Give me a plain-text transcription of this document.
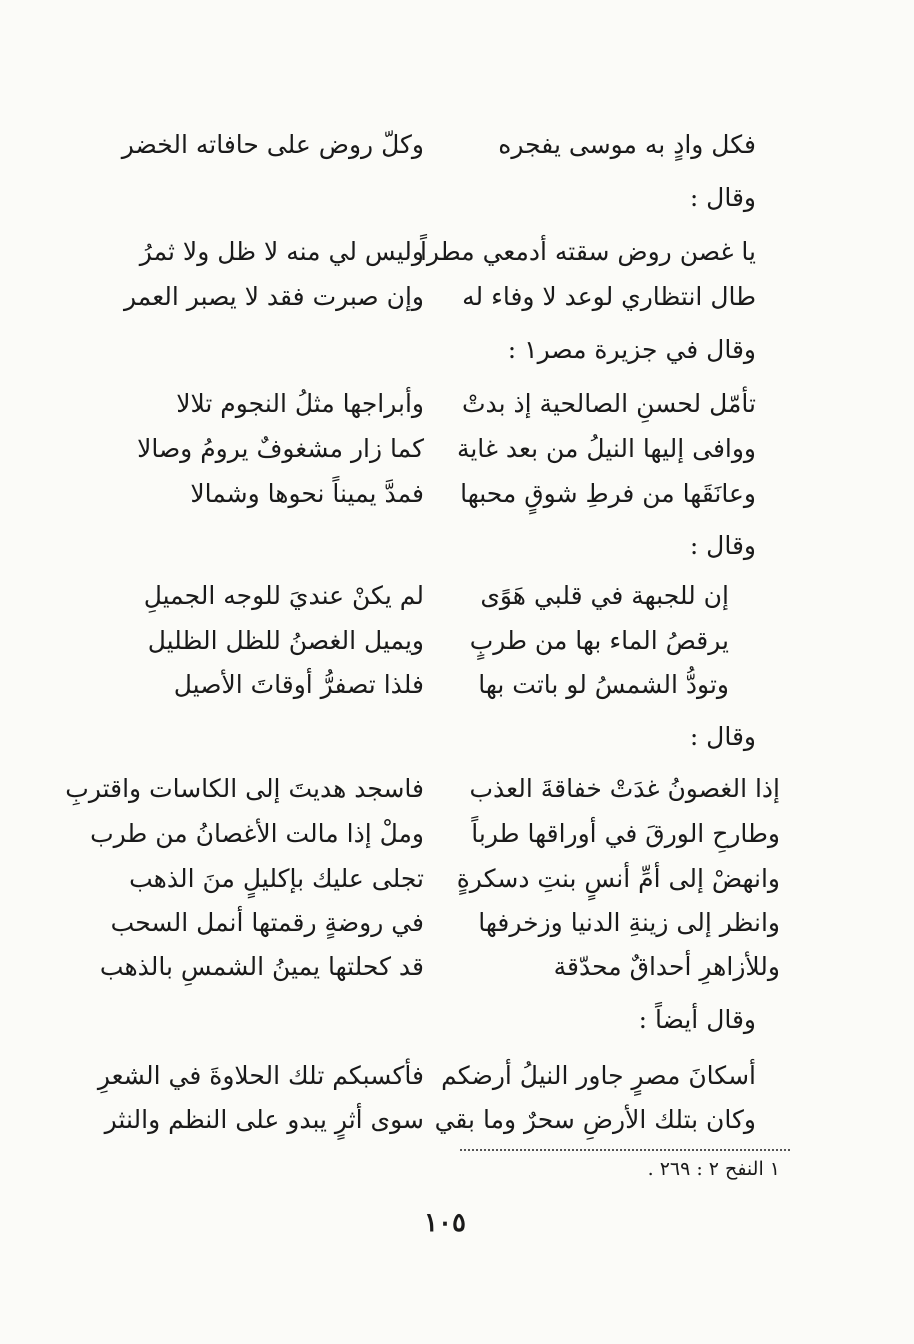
فكل وادٍ به موسى يفجره
وكلّ روض على حافاته الخضر
وقال :
يا غصن روض سقته أدمعي مطراً
وليس لي منه لا ظل ولا ثمرُ
طال انتظاري لوعد لا وفاء له
وإن صبرت فقد لا يصبر العمر
وقال في جزيرة مصر١ :
تأمّل لحسنِ الصالحية إذ بدتْ
وأبراجها مثلُ النجوم تلالا
ووافى إليها النيلُ من بعد غاية
كما زار مشغوفٌ يرومُ وصالا
وعانَقَها من فرطِ شوقٍ محبها
فمدَّ يميناً نحوها وشمالا
وقال :
إن للجبهة في قلبي هَوًى
لم يكنْ عنديَ للوجه الجميلِ
يرقصُ الماء بها من طربٍ
ويميل الغصنُ للظل الظليل
وتودُّ الشمسُ لو باتت بها
فلذا تصفرُّ أوقاتَ الأصيل
وقال :
إذا الغصونُ غدَتْ خفاقةَ العذب
فاسجد هديتَ إلى الكاسات واقتربِ
وطارحِ الورقَ في أوراقها طرباً
وملْ إذا مالت الأغصانُ من طرب
وانهضْ إلى أمِّ أنسٍ بنتِ دسكرةٍ
تجلى عليك بإكليلٍ منَ الذهب
وانظر إلى زينةِ الدنيا وزخرفها
في روضةٍ رقمتها أنمل السحب
وللأزاهرِ أحداقٌ محدّقة
قد كحلتها يمينُ الشمسِ بالذهب
وقال أيضاً :
أسكانَ مصرٍ جاور النيلُ أرضكم
فأكسبكم تلك الحلاوةَ في الشعرِ
وكان بتلك الأرضِ سحرٌ وما بقي
سوى أثرٍ يبدو على النظم والنثر
١ النفح ٢ : ٢٦٩ .
١٠٥
